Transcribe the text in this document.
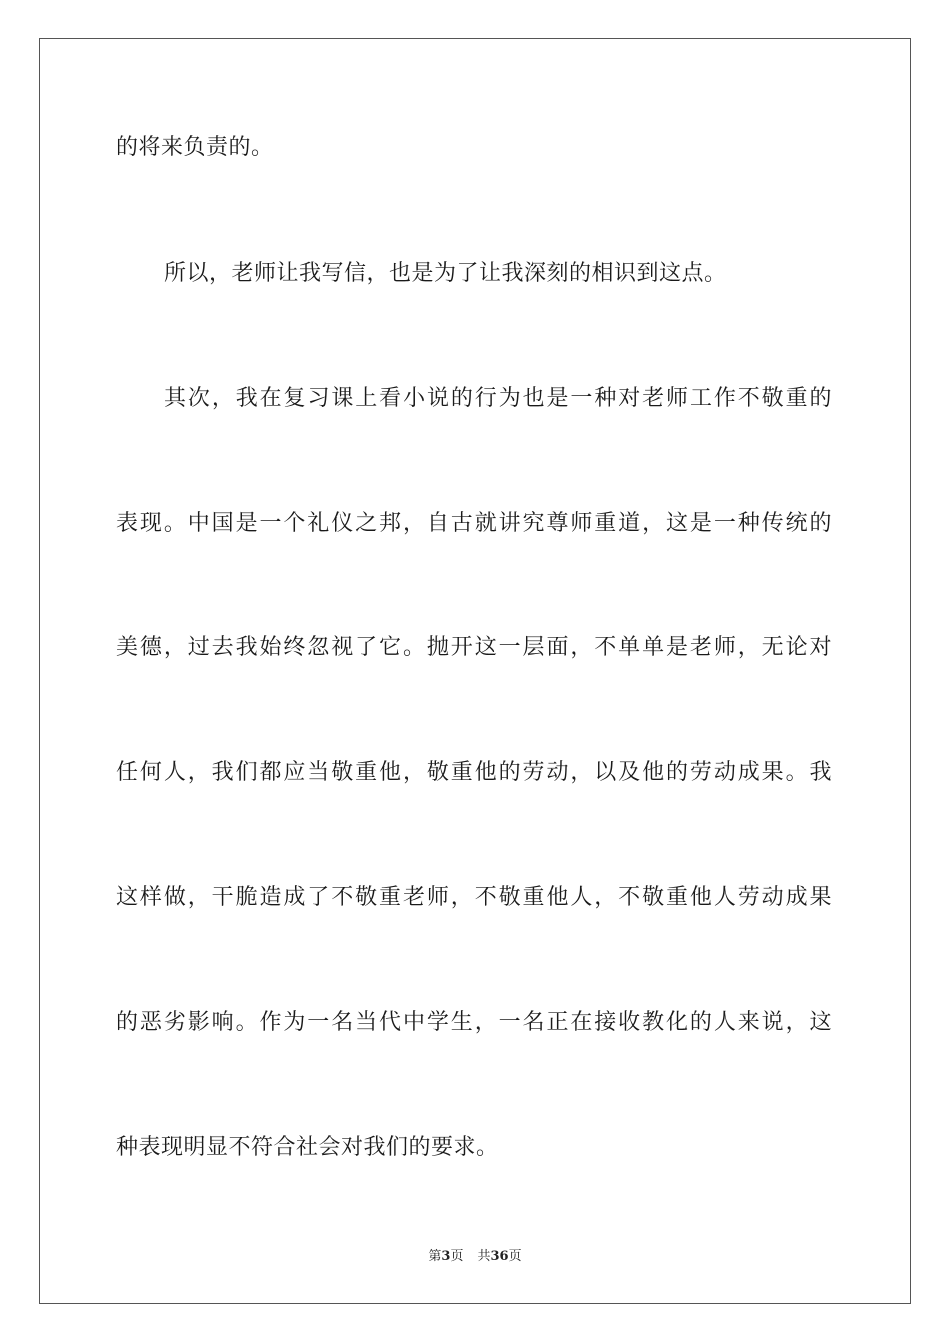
的将来负责的。
所以，老师让我写信，也是为了让我深刻的相识到这点。
其次，我在复习课上看小说的行为也是一种对老师工作不敬重的
表现。中国是一个礼仪之邦，自古就讲究尊师重道，这是一种传统的
美德，过去我始终忽视了它。抛开这一层面，不单单是老师，无论对
任何人，我们都应当敬重他，敬重他的劳动，以及他的劳动成果。我
这样做，干脆造成了不敬重老师，不敬重他人，不敬重他人劳动成果
的恶劣影响。作为一名当代中学生，一名正在接收教化的人来说，这
种表现明显不符合社会对我们的要求。
第3页 共36页
